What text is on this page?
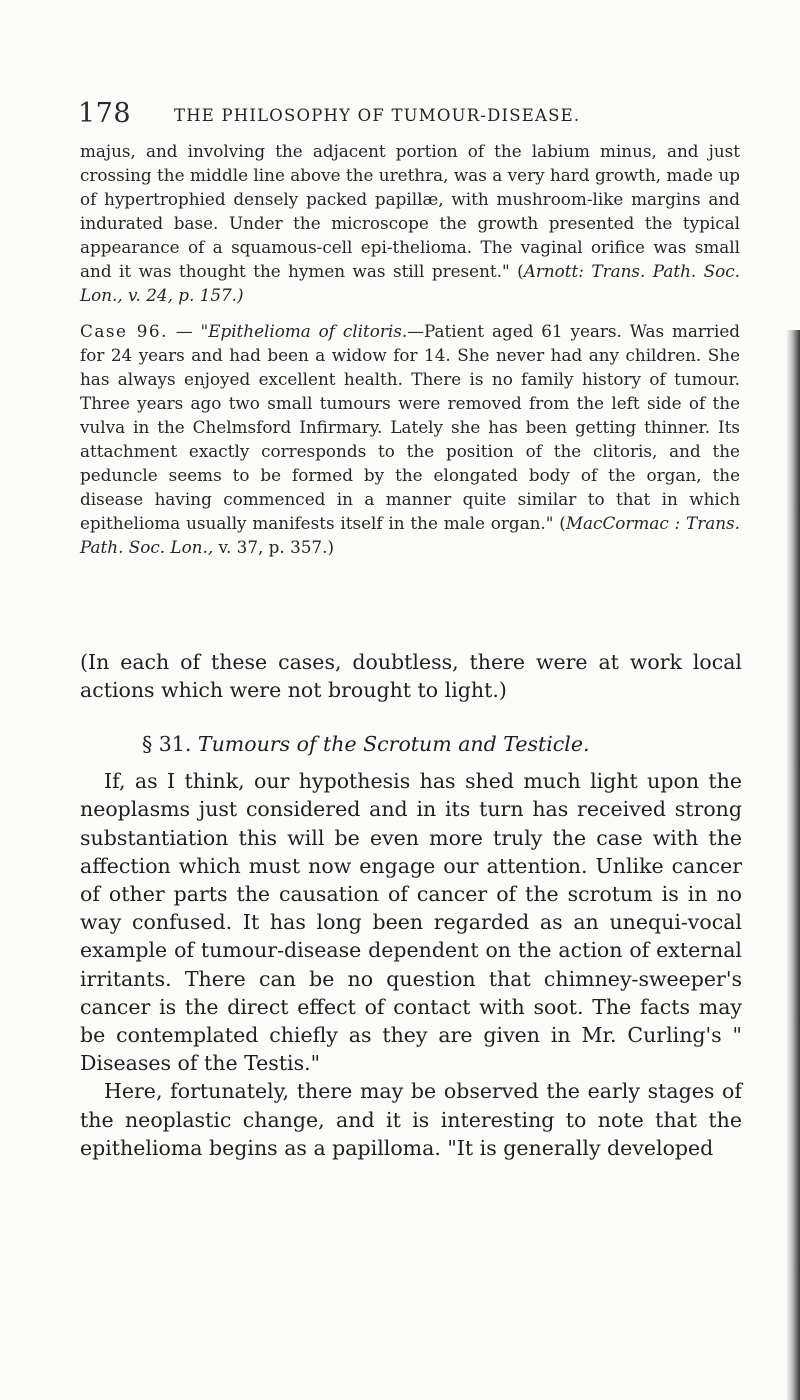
178	THE PHILOSOPHY OF TUMOUR-DISEASE.

majus, and involving the adjacent portion of the labium minus, and just crossing the middle line above the urethra, was a very hard growth, made up of hypertrophied densely packed papillæ, with mushroom-like margins and indurated base. Under the microscope the growth presented the typical appearance of a squamous-cell epi-thelioma. The vaginal orifice was small and it was thought the hymen was still present." (Arnott: Trans. Path. Soc. Lon., v. 24, p. 157.)

Case 96. — "Epithelioma of clitoris.—Patient aged 61 years. Was married for 24 years and had been a widow for 14. She never had any children. She has always enjoyed excellent health. There is no family history of tumour. Three years ago two small tumours were removed from the left side of the vulva in the Chelmsford Infirmary. Lately she has been getting thinner. Its attachment exactly corresponds to the position of the clitoris, and the peduncle seems to be formed by the elongated body of the organ, the disease having commenced in a manner quite similar to that in which epithelioma usually manifests itself in the male organ." (MacCormac : Trans. Path. Soc. Lon., v. 37, p. 357.)

(In each of these cases, doubtless, there were at work local actions which were not brought to light.)

§ 31. Tumours of the Scrotum and Testicle.

If, as I think, our hypothesis has shed much light upon the neoplasms just considered and in its turn has received strong substantiation this will be even more truly the case with the affection which must now engage our attention. Unlike cancer of other parts the causation of cancer of the scrotum is in no way confused. It has long been regarded as an unequi-vocal example of tumour-disease dependent on the action of external irritants. There can be no question that chimney-sweeper's cancer is the direct effect of contact with soot. The facts may be contemplated chiefly as they are given in Mr. Curling's " Diseases of the Testis."

Here, fortunately, there may be observed the early stages of the neoplastic change, and it is interesting to note that the epithelioma begins as a papilloma. "It is generally developed
